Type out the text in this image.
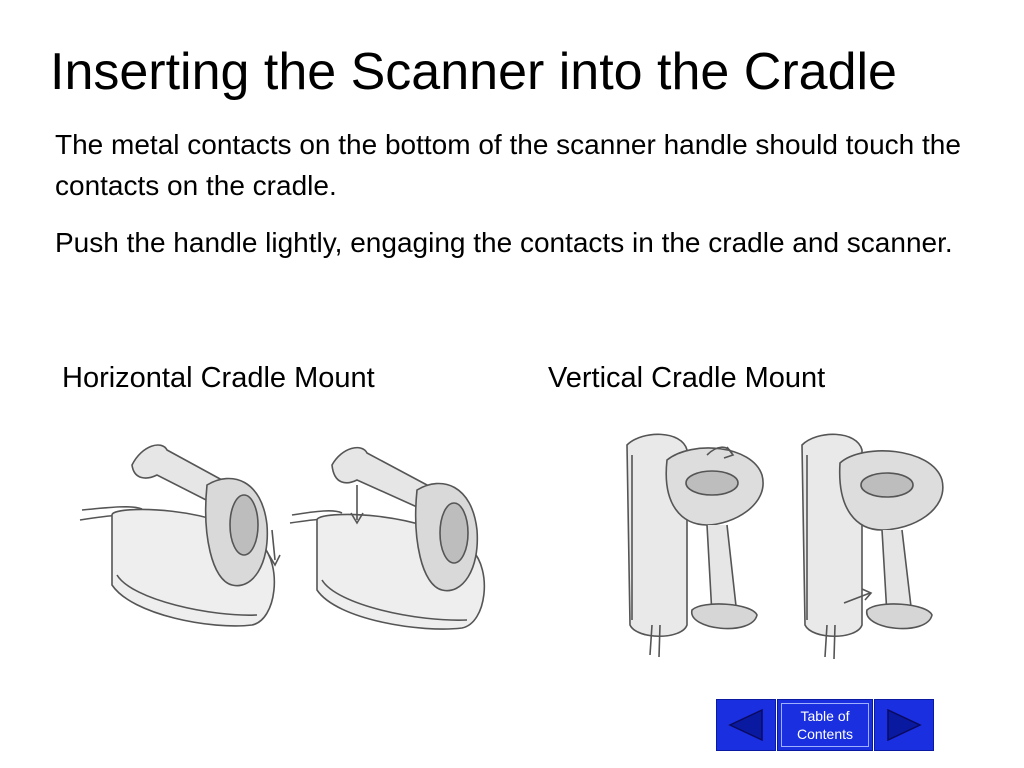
Inserting the Scanner into the Cradle
The metal contacts on the bottom of the scanner handle should touch the contacts on the cradle.
Push the handle lightly, engaging the contacts in the cradle and scanner.
Horizontal Cradle Mount	Vertical Cradle Mount
Table of
Contents
